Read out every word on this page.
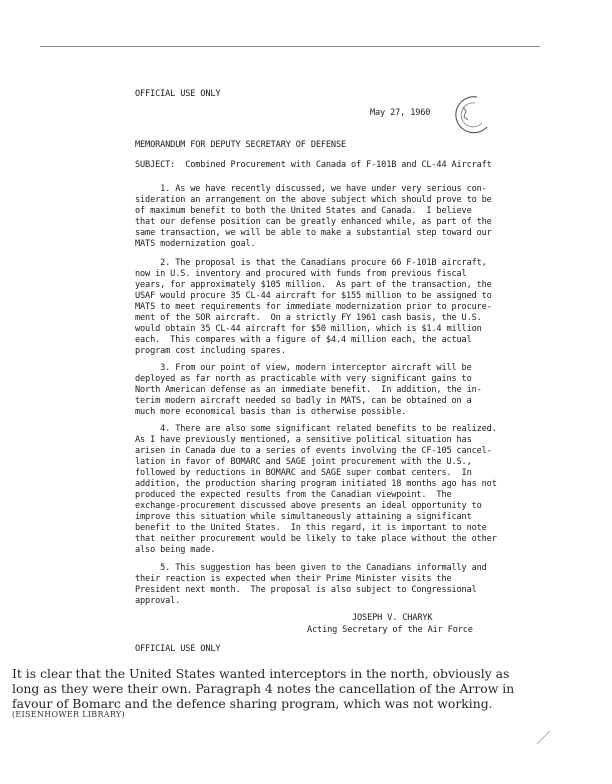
OFFICIAL USE ONLY
May 27, 1960
MEMORANDUM FOR DEPUTY SECRETARY OF DEFENSE
SUBJECT:  Combined Procurement with Canada of F-101B and CL-44 Aircraft
1. As we have recently discussed, we have under very serious con-
sideration an arrangement on the above subject which should prove to be
of maximum benefit to both the United States and Canada.  I believe
that our defense position can be greatly enhanced while, as part of the
same transaction, we will be able to make a substantial step toward our
MATS modernization goal.
2. The proposal is that the Canadians procure 66 F-101B aircraft,
now in U.S. inventory and procured with funds from previous fiscal
years, for approximately $105 million.  As part of the transaction, the
USAF would procure 35 CL-44 aircraft for $155 million to be assigned to
MATS to meet requirements for immediate modernization prior to procure-
ment of the SOR aircraft.  On a strictly FY 1961 cash basis, the U.S.
would obtain 35 CL-44 aircraft for $50 million, which is $1.4 million
each.  This compares with a figure of $4.4 million each, the actual
program cost including spares.
3. From our point of view, modern interceptor aircraft will be
deployed as far north as practicable with very significant gains to
North American defense as an immediate benefit.  In addition, the in-
terim modern aircraft needed so badly in MATS, can be obtained on a
much more economical basis than is otherwise possible.
4. There are also some significant related benefits to be realized.
As I have previously mentioned, a sensitive political situation has
arisen in Canada due to a series of events involving the CF-105 cancel-
lation in favor of BOMARC and SAGE joint procurement with the U.S.,
followed by reductions in BOMARC and SAGE super combat centers.  In
addition, the production sharing program initiated 18 months ago has not
produced the expected results from the Canadian viewpoint.  The
exchange-procurement discussed above presents an ideal opportunity to
improve this situation while simultaneously attaining a significant
benefit to the United States.  In this regard, it is important to note
that neither procurement would be likely to take place without the other
also being made.
5. This suggestion has been given to the Canadians informally and
their reaction is expected when their Prime Minister visits the
President next month.  The proposal is also subject to Congressional
approval.
JOSEPH V. CHARYK
Acting Secretary of the Air Force
OFFICIAL USE ONLY
It is clear that the United States wanted interceptors in the north, obviously as
long as they were their own. Paragraph 4 notes the cancellation of the Arrow in
favour of Bomarc and the defence sharing program, which was not working.
(EISENHOWER LIBRARY)
